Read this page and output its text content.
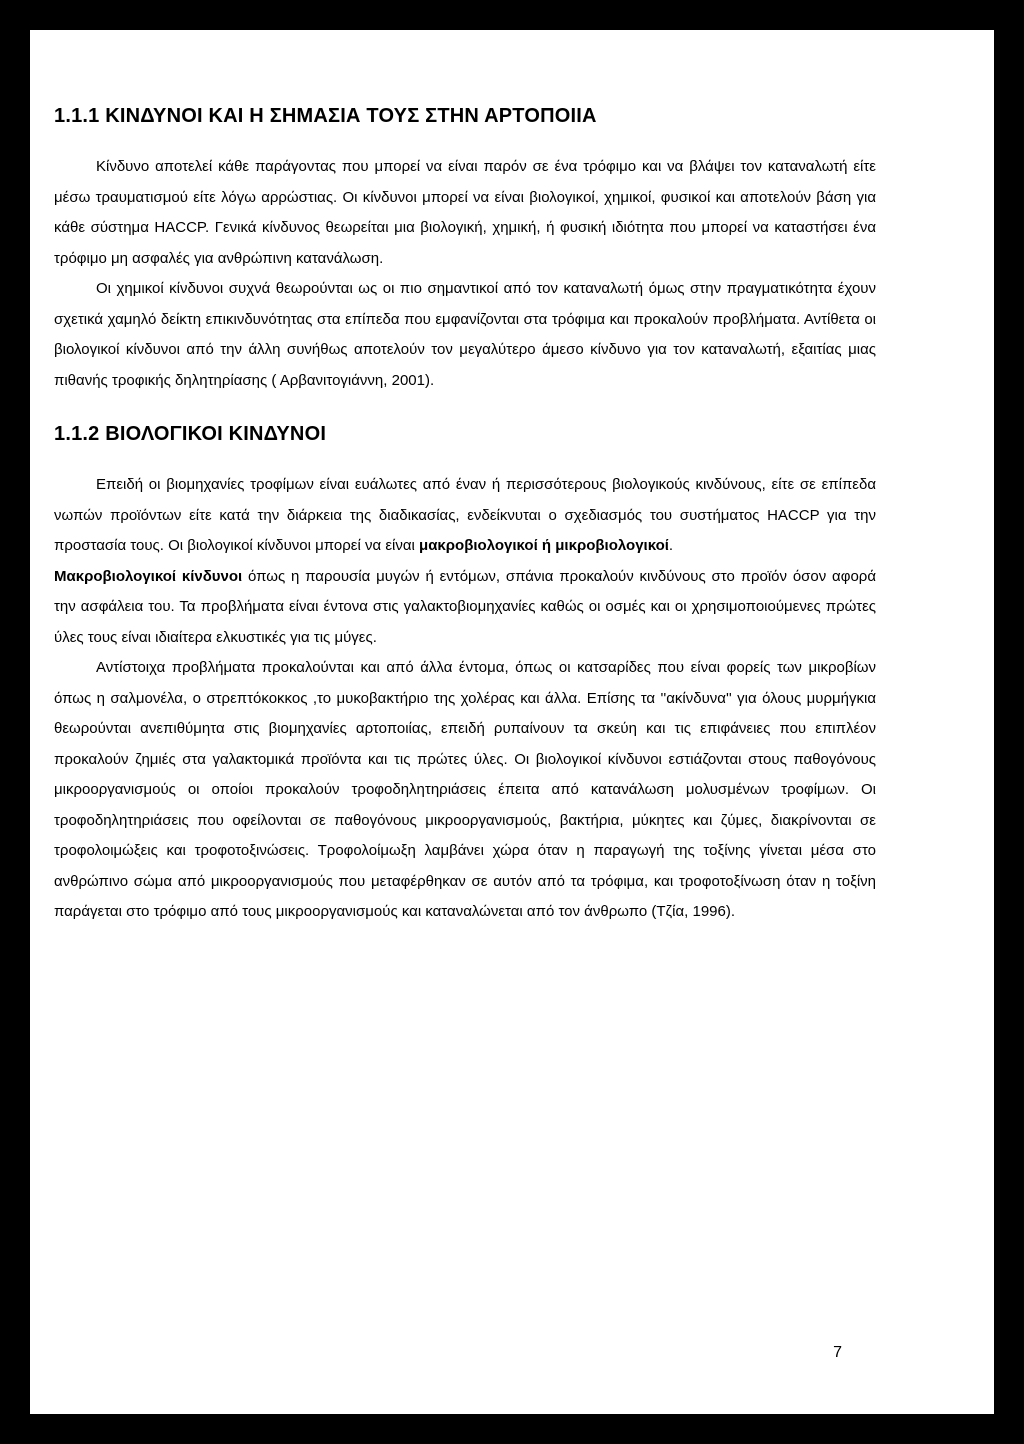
1.1.1 ΚΙΝΔΥΝΟΙ ΚΑΙ Η ΣΗΜΑΣΙΑ ΤΟΥΣ ΣΤΗΝ ΑΡΤΟΠΟΙΙΑ

Κίνδυνο αποτελεί κάθε παράγοντας που μπορεί να είναι παρόν σε ένα τρόφιμο και να βλάψει τον καταναλωτή είτε μέσω τραυματισμού είτε λόγω αρρώστιας. Οι κίνδυνοι μπορεί να είναι βιολογικοί, χημικοί, φυσικοί και αποτελούν βάση για κάθε σύστημα HACCP. Γενικά κίνδυνος θεωρείται μια βιολογική, χημική, ή φυσική ιδιότητα που μπορεί να καταστήσει ένα τρόφιμο μη ασφαλές για ανθρώπινη κατανάλωση.

Οι χημικοί κίνδυνοι συχνά θεωρούνται ως οι πιο σημαντικοί από τον καταναλωτή όμως στην πραγματικότητα έχουν σχετικά χαμηλό δείκτη επικινδυνότητας στα επίπεδα που εμφανίζονται στα τρόφιμα και προκαλούν προβλήματα. Αντίθετα οι βιολογικοί κίνδυνοι από την άλλη συνήθως αποτελούν τον μεγαλύτερο άμεσο κίνδυνο για τον καταναλωτή, εξαιτίας μιας πιθανής τροφικής δηλητηρίασης ( Αρβανιτογιάννη, 2001).

1.1.2 ΒΙΟΛΟΓΙΚΟΙ ΚΙΝΔΥΝΟΙ

Επειδή οι βιομηχανίες τροφίμων είναι ευάλωτες από έναν ή περισσότερους βιολογικούς κινδύνους, είτε σε επίπεδα νωπών προϊόντων είτε κατά την διάρκεια της διαδικασίας, ενδείκνυται ο σχεδιασμός του συστήματος HACCP για την προστασία τους. Οι βιολογικοί κίνδυνοι μπορεί να είναι μακροβιολογικοί ή μικροβιολογικοί.

Μακροβιολογικοί κίνδυνοι όπως η παρουσία μυγών ή εντόμων, σπάνια προκαλούν κινδύνους στο προϊόν όσον αφορά την ασφάλεια του. Τα προβλήματα είναι έντονα στις γαλακτοβιομηχανίες καθώς οι οσμές και οι χρησιμοποιούμενες πρώτες ύλες τους είναι ιδιαίτερα ελκυστικές για τις μύγες.

Αντίστοιχα προβλήματα προκαλούνται και από άλλα έντομα, όπως οι κατσαρίδες που είναι φορείς των μικροβίων όπως η σαλμονέλα, ο στρεπτόκοκκος ,το μυκοβακτήριο της χολέρας και άλλα. Επίσης τα ''ακίνδυνα'' για όλους μυρμήγκια θεωρούνται ανεπιθύμητα στις βιομηχανίες αρτοποιίας, επειδή ρυπαίνουν τα σκεύη και τις επιφάνειες που επιπλέον προκαλούν ζημιές στα γαλακτομικά προϊόντα και τις πρώτες ύλες. Οι βιολογικοί κίνδυνοι εστιάζονται στους παθογόνους μικροοργανισμούς οι οποίοι προκαλούν τροφοδηλητηριάσεις έπειτα από κατανάλωση μολυσμένων τροφίμων. Οι τροφοδηλητηριάσεις που οφείλονται σε παθογόνους μικροοργανισμούς, βακτήρια, μύκητες και ζύμες, διακρίνονται σε τροφολοιμώξεις και τροφοτοξινώσεις. Τροφολοίμωξη λαμβάνει χώρα όταν η παραγωγή της τοξίνης γίνεται μέσα στο ανθρώπινο σώμα από μικροοργανισμούς που μεταφέρθηκαν σε αυτόν από τα τρόφιμα, και τροφοτοξίνωση όταν η τοξίνη παράγεται στο τρόφιμο από τους μικροοργανισμούς και καταναλώνεται από τον άνθρωπο (Τζία, 1996).

7
